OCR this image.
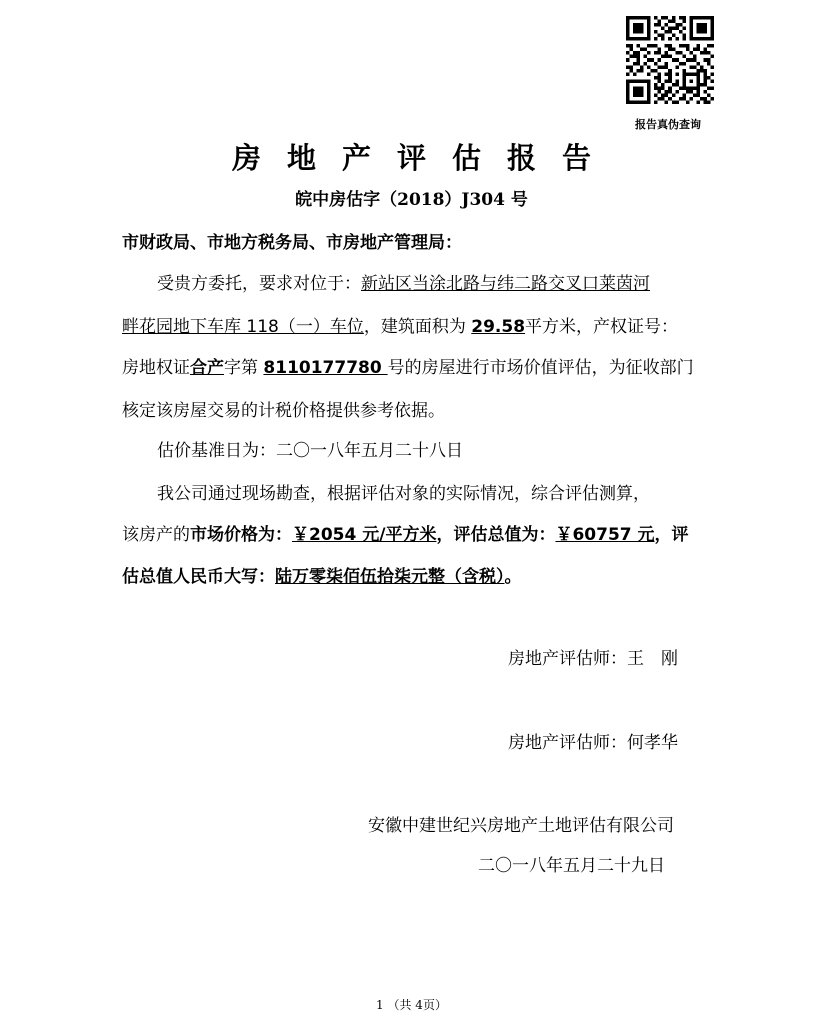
报告真伪查询
房地产评估报告
皖中房估字（2018）J304 号
市财政局、市地方税务局、市房地产管理局：
受贵方委托，要求对位于：新站区当涂北路与纬二路交叉口莱茵河
畔花园地下车库 118（一）车位，建筑面积为 29.58平方米，产权证号：
房地权证合产字第 8110177780 号的房屋进行市场价值评估，为征收部门
核定该房屋交易的计税价格提供参考依据。
估价基准日为：二〇一八年五月二十八日
我公司通过现场勘查，根据评估对象的实际情况，综合评估测算，
该房产的市场价格为：￥2054 元/平方米，评估总值为：￥60757 元，评
估总值人民币大写：陆万零柒佰伍拾柒元整（含税）。
房地产评估师：王　刚
房地产评估师：何孝华
安徽中建世纪兴房地产土地评估有限公司
二〇一八年五月二十九日
1 （共 4页）
